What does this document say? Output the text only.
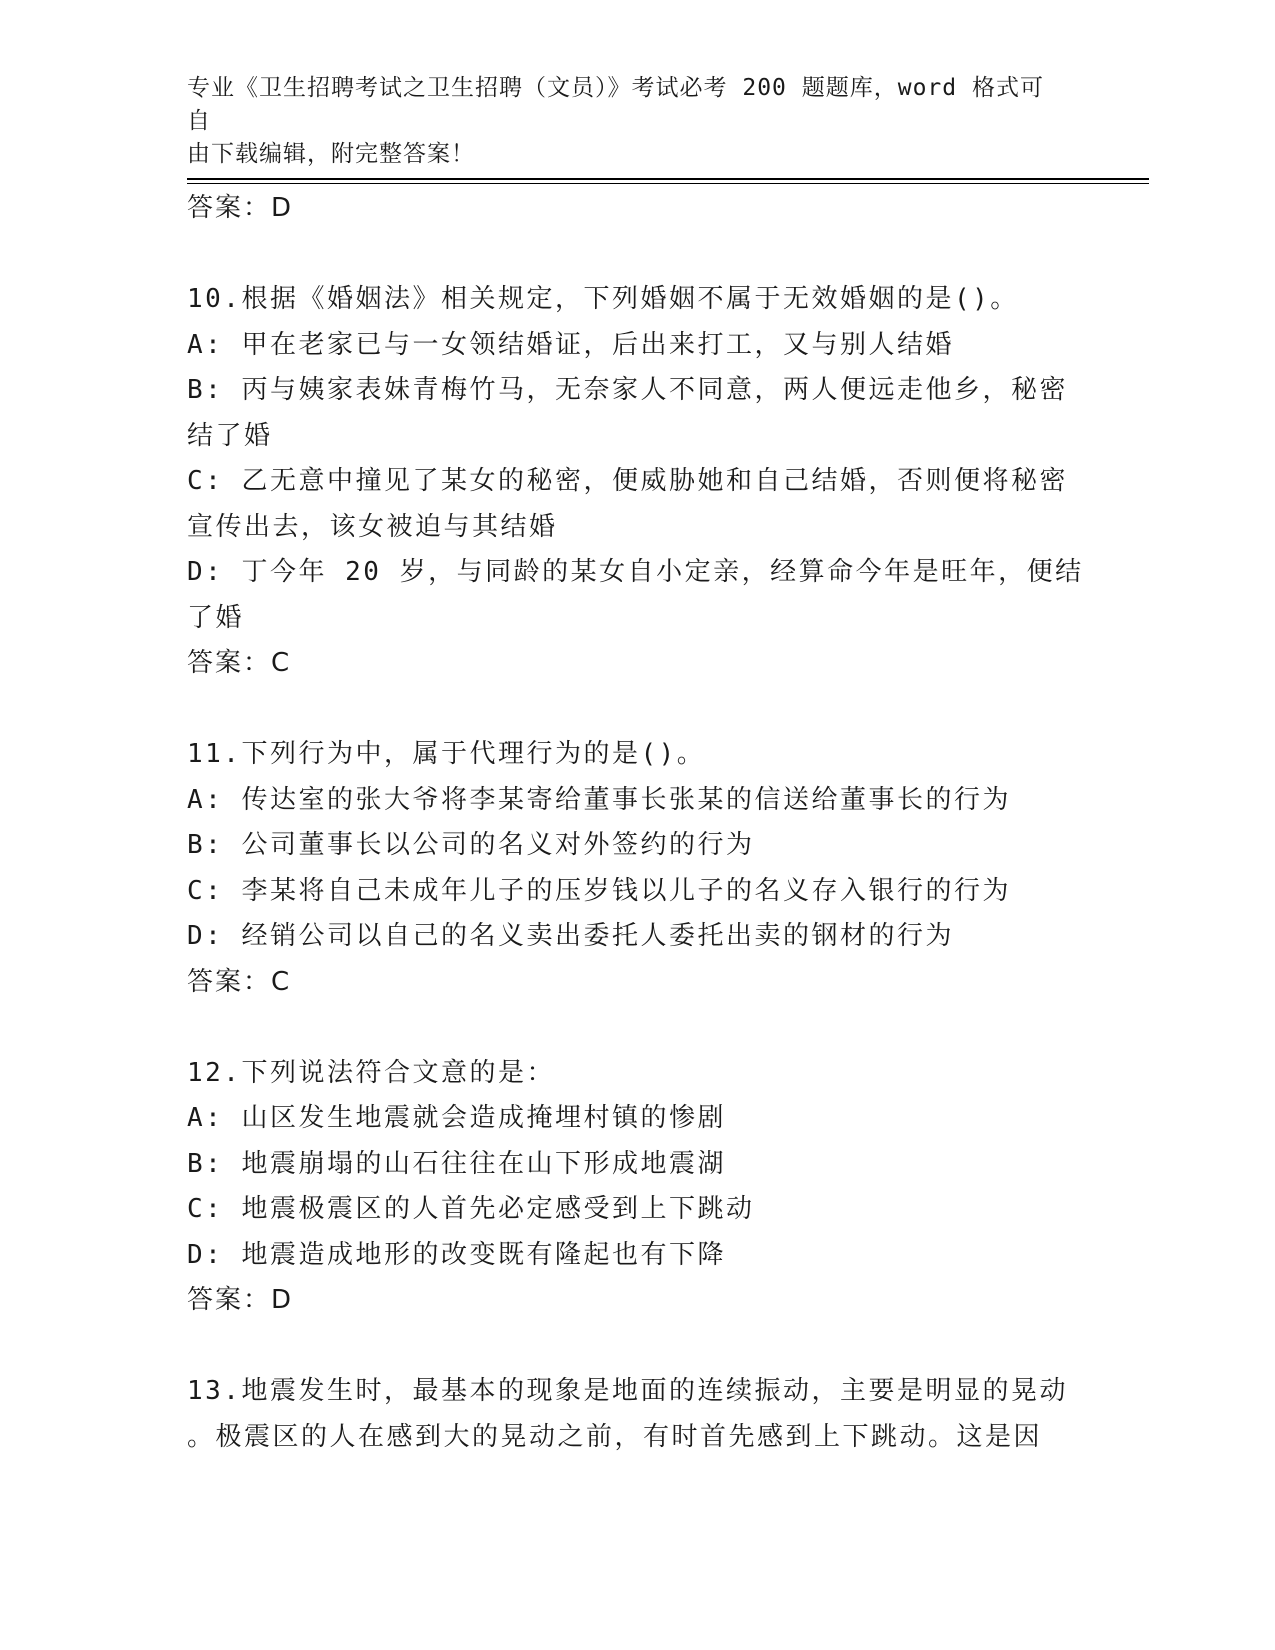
专业《卫生招聘考试之卫生招聘（文员）》考试必考 200 题题库，word 格式可自
由下载编辑，附完整答案！
答案：D
10.根据《婚姻法》相关规定，下列婚姻不属于无效婚姻的是()。
A: 甲在老家已与一女领结婚证，后出来打工，又与别人结婚
B: 丙与姨家表妹青梅竹马，无奈家人不同意，两人便远走他乡，秘密
结了婚
C: 乙无意中撞见了某女的秘密，便威胁她和自己结婚，否则便将秘密
宣传出去，该女被迫与其结婚
D: 丁今年 20 岁，与同龄的某女自小定亲，经算命今年是旺年，便结
了婚
答案：C
11.下列行为中，属于代理行为的是()。
A: 传达室的张大爷将李某寄给董事长张某的信送给董事长的行为
B: 公司董事长以公司的名义对外签约的行为
C: 李某将自己未成年儿子的压岁钱以儿子的名义存入银行的行为
D: 经销公司以自己的名义卖出委托人委托出卖的钢材的行为
答案：C
12.下列说法符合文意的是：
A: 山区发生地震就会造成掩埋村镇的惨剧
B: 地震崩塌的山石往往在山下形成地震湖
C: 地震极震区的人首先必定感受到上下跳动
D: 地震造成地形的改变既有隆起也有下降
答案：D
13.地震发生时，最基本的现象是地面的连续振动，主要是明显的晃动
。极震区的人在感到大的晃动之前，有时首先感到上下跳动。这是因
